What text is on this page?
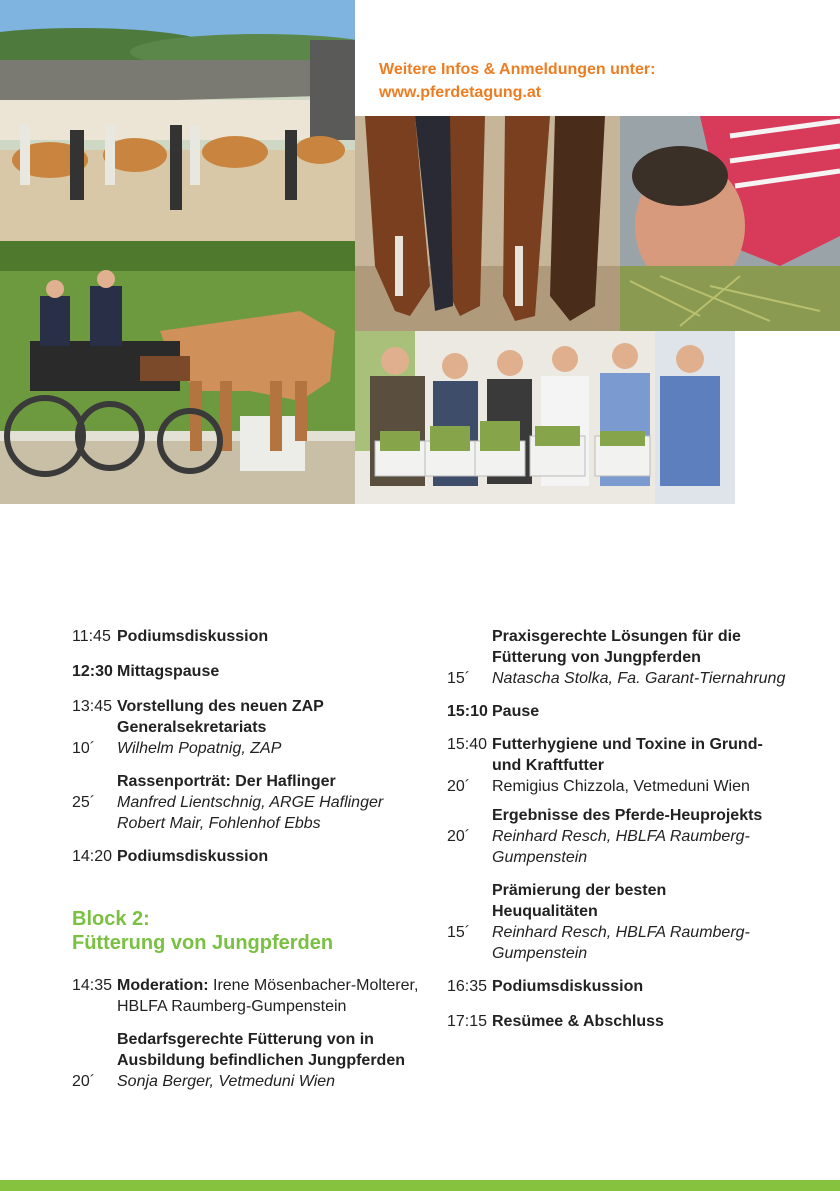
Weitere Infos & Anmeldungen unter:
www.pferdetagung.at
11:45 Podiumsdiskussion
12:30 Mittagspause
13:45 Vorstellung des neuen ZAP
Generalsekretariats
10´ Wilhelm Popatnig, ZAP
Rassenporträt: Der Haflinger
25´ Manfred Lientschnig, ARGE Haflinger
Robert Mair, Fohlenhof Ebbs
14:20 Podiumsdiskussion
Block 2:
Fütterung von Jungpferden
14:35 Moderation: Irene Mösenbacher-Molterer,
HBLFA Raumberg-Gumpenstein
Bedarfsgerechte Fütterung von in
Ausbildung befindlichen Jungpferden
20´ Sonja Berger, Vetmeduni Wien
Praxisgerechte Lösungen für die
Fütterung von Jungpferden
15´ Natascha Stolka, Fa. Garant-Tiernahrung
15:10 Pause
15:40 Futterhygiene und Toxine in Grund-
und Kraftfutter
20´ Remigius Chizzola, Vetmeduni Wien
Ergebnisse des Pferde-Heuprojekts
20´ Reinhard Resch, HBLFA Raumberg-
Gumpenstein
Prämierung der besten
Heuqualitäten
15´ Reinhard Resch, HBLFA Raumberg-
Gumpenstein
16:35 Podiumsdiskussion
17:15 Resümee & Abschluss
